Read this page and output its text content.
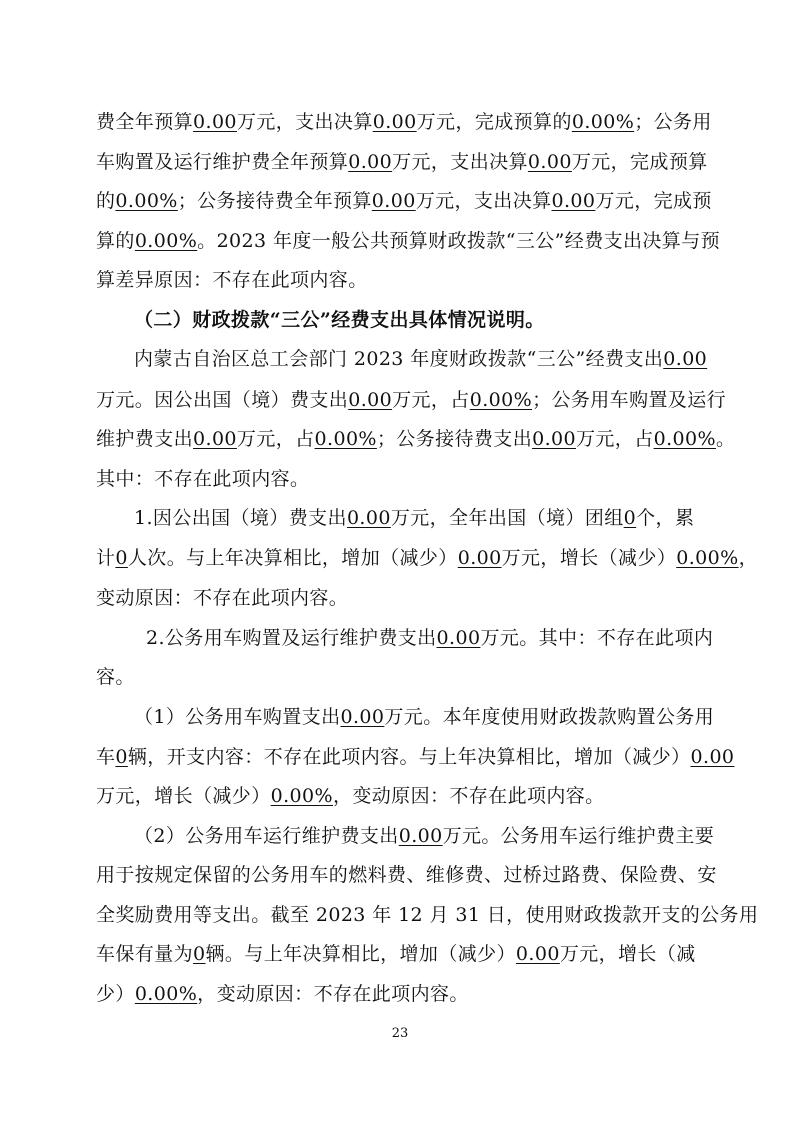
费全年预算0.00万元，支出决算0.00万元，完成预算的0.00%；公务用
车购置及运行维护费全年预算0.00万元，支出决算0.00万元，完成预算
的0.00%；公务接待费全年预算0.00万元，支出决算0.00万元，完成预
算的0.00%。2023 年度一般公共预算财政拨款“三公”经费支出决算与预
算差异原因：不存在此项内容。
（二）财政拨款“三公”经费支出具体情况说明。
内蒙古自治区总工会部门 2023 年度财政拨款“三公”经费支出0.00
万元。因公出国（境）费支出0.00万元，占0.00%；公务用车购置及运行
维护费支出0.00万元，占0.00%；公务接待费支出0.00万元，占0.00%。
其中：不存在此项内容。
1.因公出国（境）费支出0.00万元，全年出国（境）团组0个，累
计0人次。与上年决算相比，增加（减少）0.00万元，增长（减少）0.00%，
变动原因：不存在此项内容。
2.公务用车购置及运行维护费支出0.00万元。其中：不存在此项内
容。
（1）公务用车购置支出0.00万元。本年度使用财政拨款购置公务用
车0辆，开支内容：不存在此项内容。与上年决算相比，增加（减少）0.00
万元，增长（减少）0.00%，变动原因：不存在此项内容。
（2）公务用车运行维护费支出0.00万元。公务用车运行维护费主要
用于按规定保留的公务用车的燃料费、维修费、过桥过路费、保险费、安
全奖励费用等支出。截至 2023 年 12 月 31 日，使用财政拨款开支的公务用
车保有量为0辆。与上年决算相比，增加（减少）0.00万元，增长（减
少）0.00%，变动原因：不存在此项内容。
23
